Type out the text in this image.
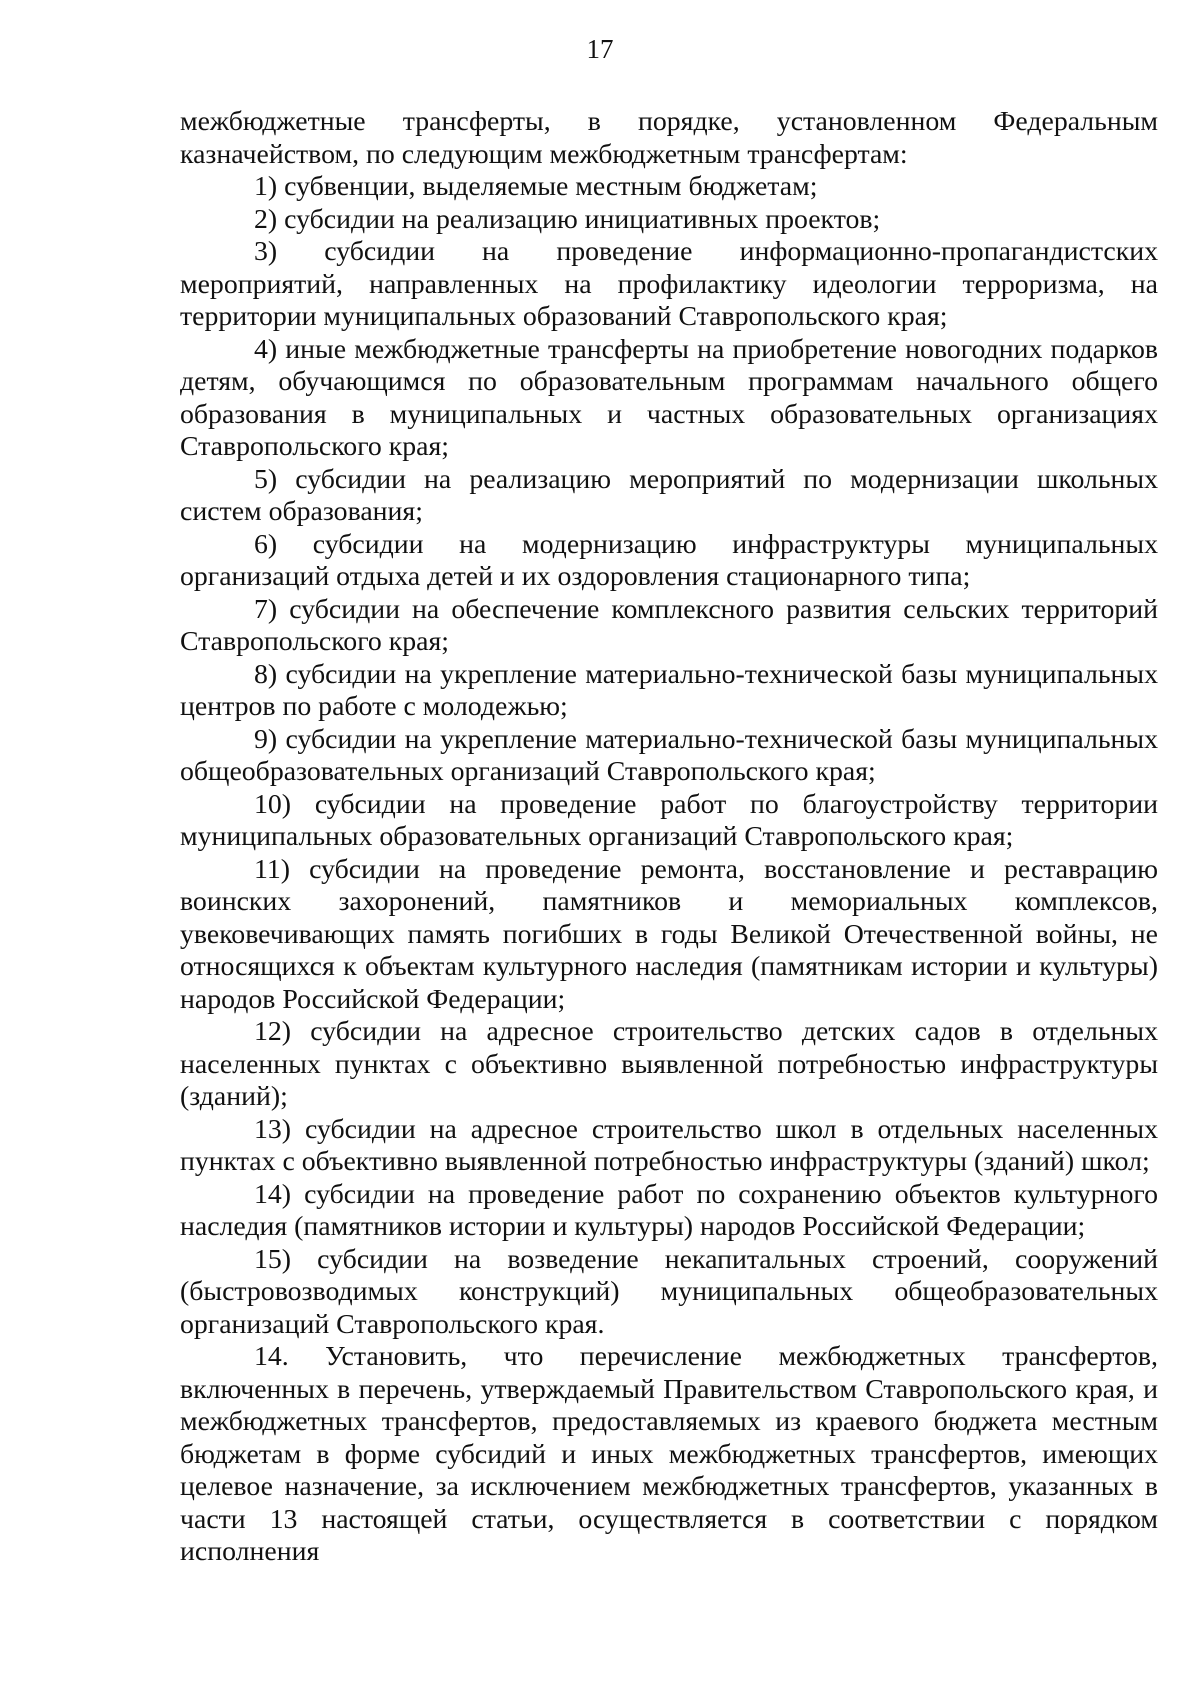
17

межбюджетные трансферты, в порядке, установленном Федеральным казначейством, по следующим межбюджетным трансфертам:

1) субвенции, выделяемые местным бюджетам;

2) субсидии на реализацию инициативных проектов;

3) субсидии на проведение информационно-пропагандистских мероприятий, направленных на профилактику идеологии терроризма, на территории муниципальных образований Ставропольского края;

4) иные межбюджетные трансферты на приобретение новогодних подарков детям, обучающимся по образовательным программам начального общего образования в муниципальных и частных образовательных организациях Ставропольского края;

5) субсидии на реализацию мероприятий по модернизации школьных систем образования;

6) субсидии на модернизацию инфраструктуры муниципальных организаций отдыха детей и их оздоровления стационарного типа;

7) субсидии на обеспечение комплексного развития сельских территорий Ставропольского края;

8) субсидии на укрепление материально-технической базы муниципальных центров по работе с молодежью;

9) субсидии на укрепление материально-технической базы муниципальных общеобразовательных организаций Ставропольского края;

10) субсидии на проведение работ по благоустройству территории муниципальных образовательных организаций Ставропольского края;

11) субсидии на проведение ремонта, восстановление и реставрацию воинских захоронений, памятников и мемориальных комплексов, увековечивающих память погибших в годы Великой Отечественной войны, не относящихся к объектам культурного наследия (памятникам истории и культуры) народов Российской Федерации;

12) субсидии на адресное строительство детских садов в отдельных населенных пунктах с объективно выявленной потребностью инфраструктуры (зданий);

13) субсидии на адресное строительство школ в отдельных населенных пунктах с объективно выявленной потребностью инфраструктуры (зданий) школ;

14) субсидии на проведение работ по сохранению объектов культурного наследия (памятников истории и культуры) народов Российской Федерации;

15) субсидии на возведение некапитальных строений, сооружений (быстровозводимых конструкций) муниципальных общеобразовательных организаций Ставропольского края.

14. Установить, что перечисление межбюджетных трансфертов, включенных в перечень, утверждаемый Правительством Ставропольского края, и межбюджетных трансфертов, предоставляемых из краевого бюджета местным бюджетам в форме субсидий и иных межбюджетных трансфертов, имеющих целевое назначение, за исключением межбюджетных трансфертов, указанных в части 13 настоящей статьи, осуществляется в соответствии с порядком исполнения
